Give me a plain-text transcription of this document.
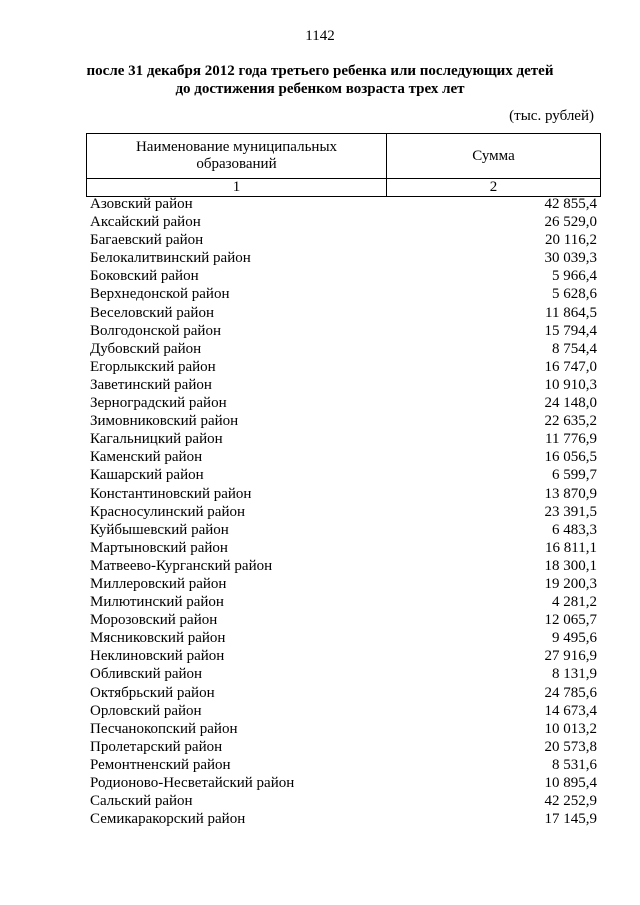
1142
после 31 декабря 2012 года третьего ребенка или последующих детей
до достижения ребенком возраста трех лет
(тыс. рублей)
Наименование муниципальных
образований	Сумма
1	2
Азовский район	42 855,4
Аксайский район	26 529,0
Багаевский район	20 116,2
Белокалитвинский район	30 039,3
Боковский район	5 966,4
Верхнедонской район	5 628,6
Веселовский район	11 864,5
Волгодонской район	15 794,4
Дубовский район	8 754,4
Егорлыкский район	16 747,0
Заветинский район	10 910,3
Зерноградский район	24 148,0
Зимовниковский район	22 635,2
Кагальницкий район	11 776,9
Каменский район	16 056,5
Кашарский район	6 599,7
Константиновский район	13 870,9
Красносулинский район	23 391,5
Куйбышевский район	6 483,3
Мартыновский район	16 811,1
Матвеево-Курганский район	18 300,1
Миллеровский район	19 200,3
Милютинский район	4 281,2
Морозовский район	12 065,7
Мясниковский район	9 495,6
Неклиновский район	27 916,9
Обливский район	8 131,9
Октябрьский район	24 785,6
Орловский район	14 673,4
Песчанокопский район	10 013,2
Пролетарский район	20 573,8
Ремонтненский район	8 531,6
Родионово-Несветайский район	10 895,4
Сальский район	42 252,9
Семикаракорский район	17 145,9
